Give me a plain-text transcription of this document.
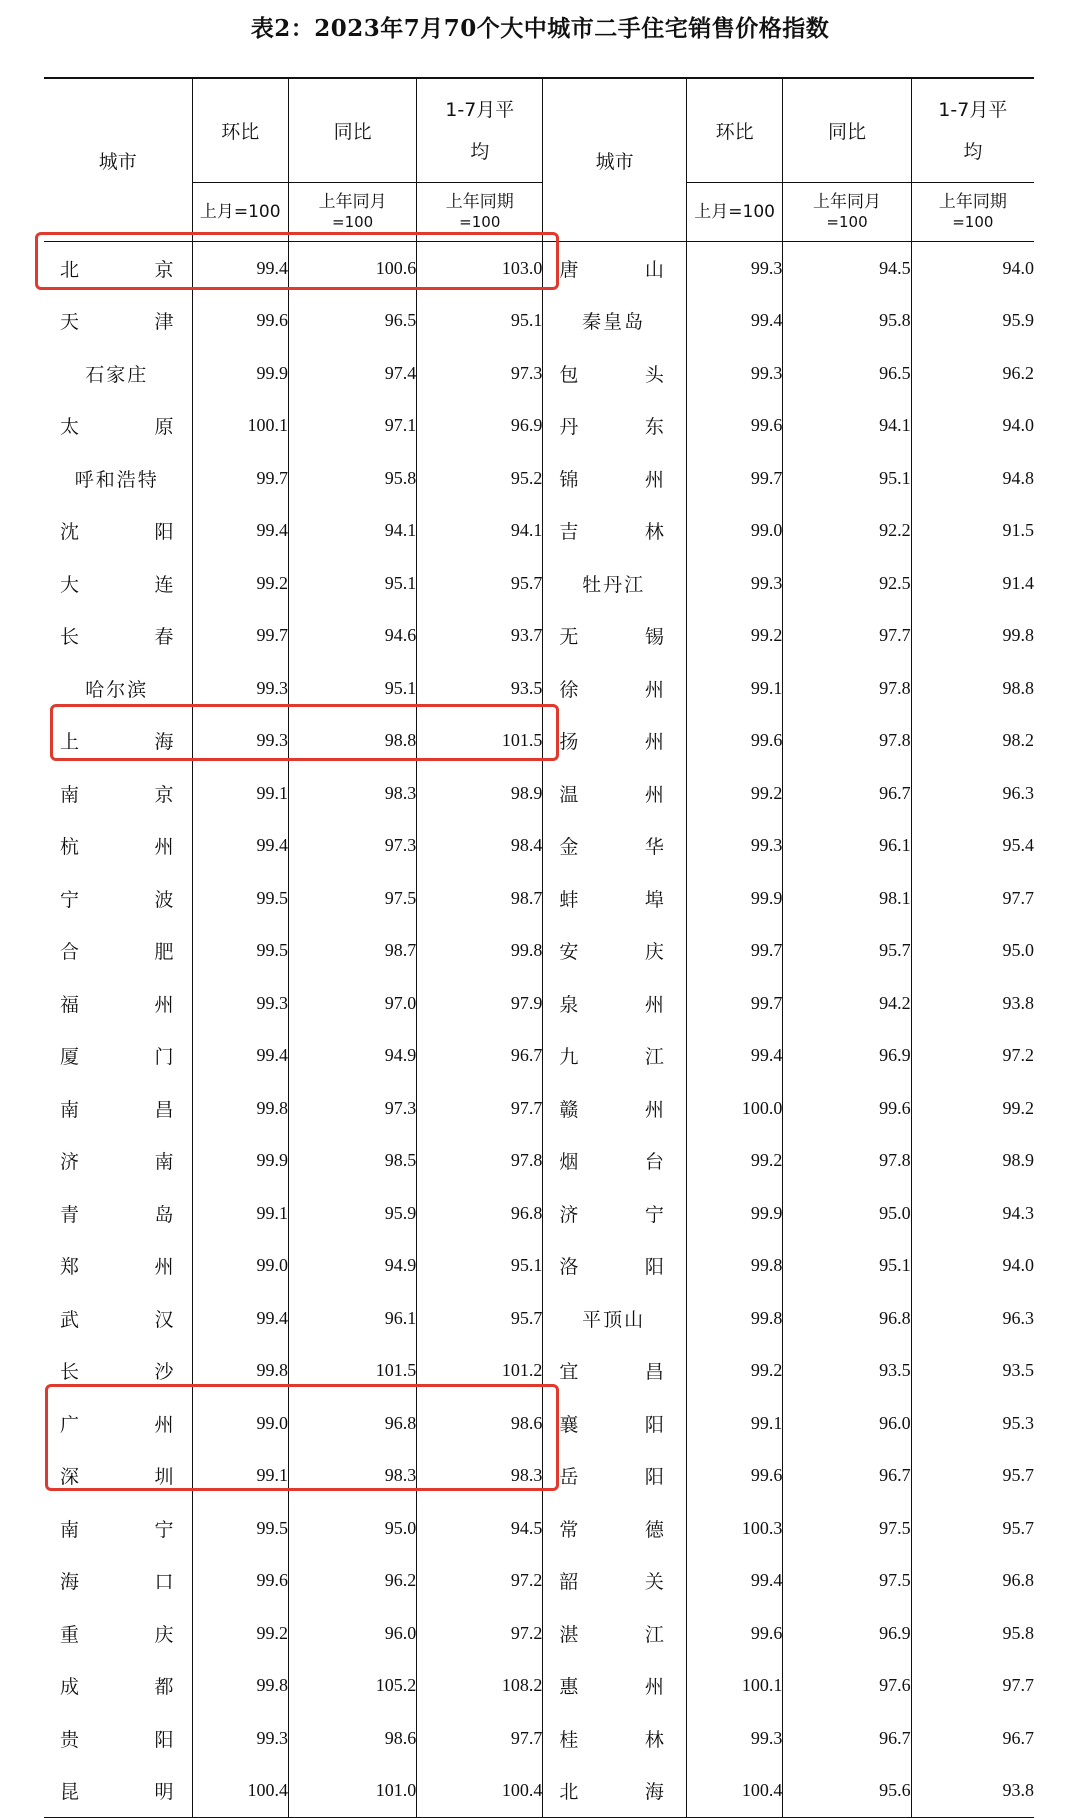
表2：2023年7月70个大中城市二手住宅销售价格指数
城市	环比	同比	1-7月平
均	城市	环比	同比	1-7月平
均

	上月=100	上年同月
=100	上年同期
=100		上月=100	上年同月
=100	上年同期
=100

北 京	99.4	100.6	103.0	唐 山	99.3	94.5	94.0

天 津	99.6	96.5	95.1	秦皇岛	99.4	95.8	95.9

石家庄	99.9	97.4	97.3	包 头	99.3	96.5	96.2

太 原	100.1	97.1	96.9	丹 东	99.6	94.1	94.0

呼和浩特	99.7	95.8	95.2	锦 州	99.7	95.1	94.8

沈 阳	99.4	94.1	94.1	吉 林	99.0	92.2	91.5

大 连	99.2	95.1	95.7	牡丹江	99.3	92.5	91.4

长 春	99.7	94.6	93.7	无 锡	99.2	97.7	99.8

哈尔滨	99.3	95.1	93.5	徐 州	99.1	97.8	98.8

上 海	99.3	98.8	101.5	扬 州	99.6	97.8	98.2

南 京	99.1	98.3	98.9	温 州	99.2	96.7	96.3

杭 州	99.4	97.3	98.4	金 华	99.3	96.1	95.4

宁 波	99.5	97.5	98.7	蚌 埠	99.9	98.1	97.7

合 肥	99.5	98.7	99.8	安 庆	99.7	95.7	95.0

福 州	99.3	97.0	97.9	泉 州	99.7	94.2	93.8

厦 门	99.4	94.9	96.7	九 江	99.4	96.9	97.2

南 昌	99.8	97.3	97.7	赣 州	100.0	99.6	99.2

济 南	99.9	98.5	97.8	烟 台	99.2	97.8	98.9

青 岛	99.1	95.9	96.8	济 宁	99.9	95.0	94.3

郑 州	99.0	94.9	95.1	洛 阳	99.8	95.1	94.0

武 汉	99.4	96.1	95.7	平顶山	99.8	96.8	96.3

长 沙	99.8	101.5	101.2	宜 昌	99.2	93.5	93.5

广 州	99.0	96.8	98.6	襄 阳	99.1	96.0	95.3

深 圳	99.1	98.3	98.3	岳 阳	99.6	96.7	95.7

南 宁	99.5	95.0	94.5	常 德	100.3	97.5	95.7

海 口	99.6	96.2	97.2	韶 关	99.4	97.5	96.8

重 庆	99.2	96.0	97.2	湛 江	99.6	96.9	95.8

成 都	99.8	105.2	108.2	惠 州	100.1	97.6	97.7

贵 阳	99.3	98.6	97.7	桂 林	99.3	96.7	96.7

昆 明	100.4	101.0	100.4	北 海	100.4	95.6	93.8
